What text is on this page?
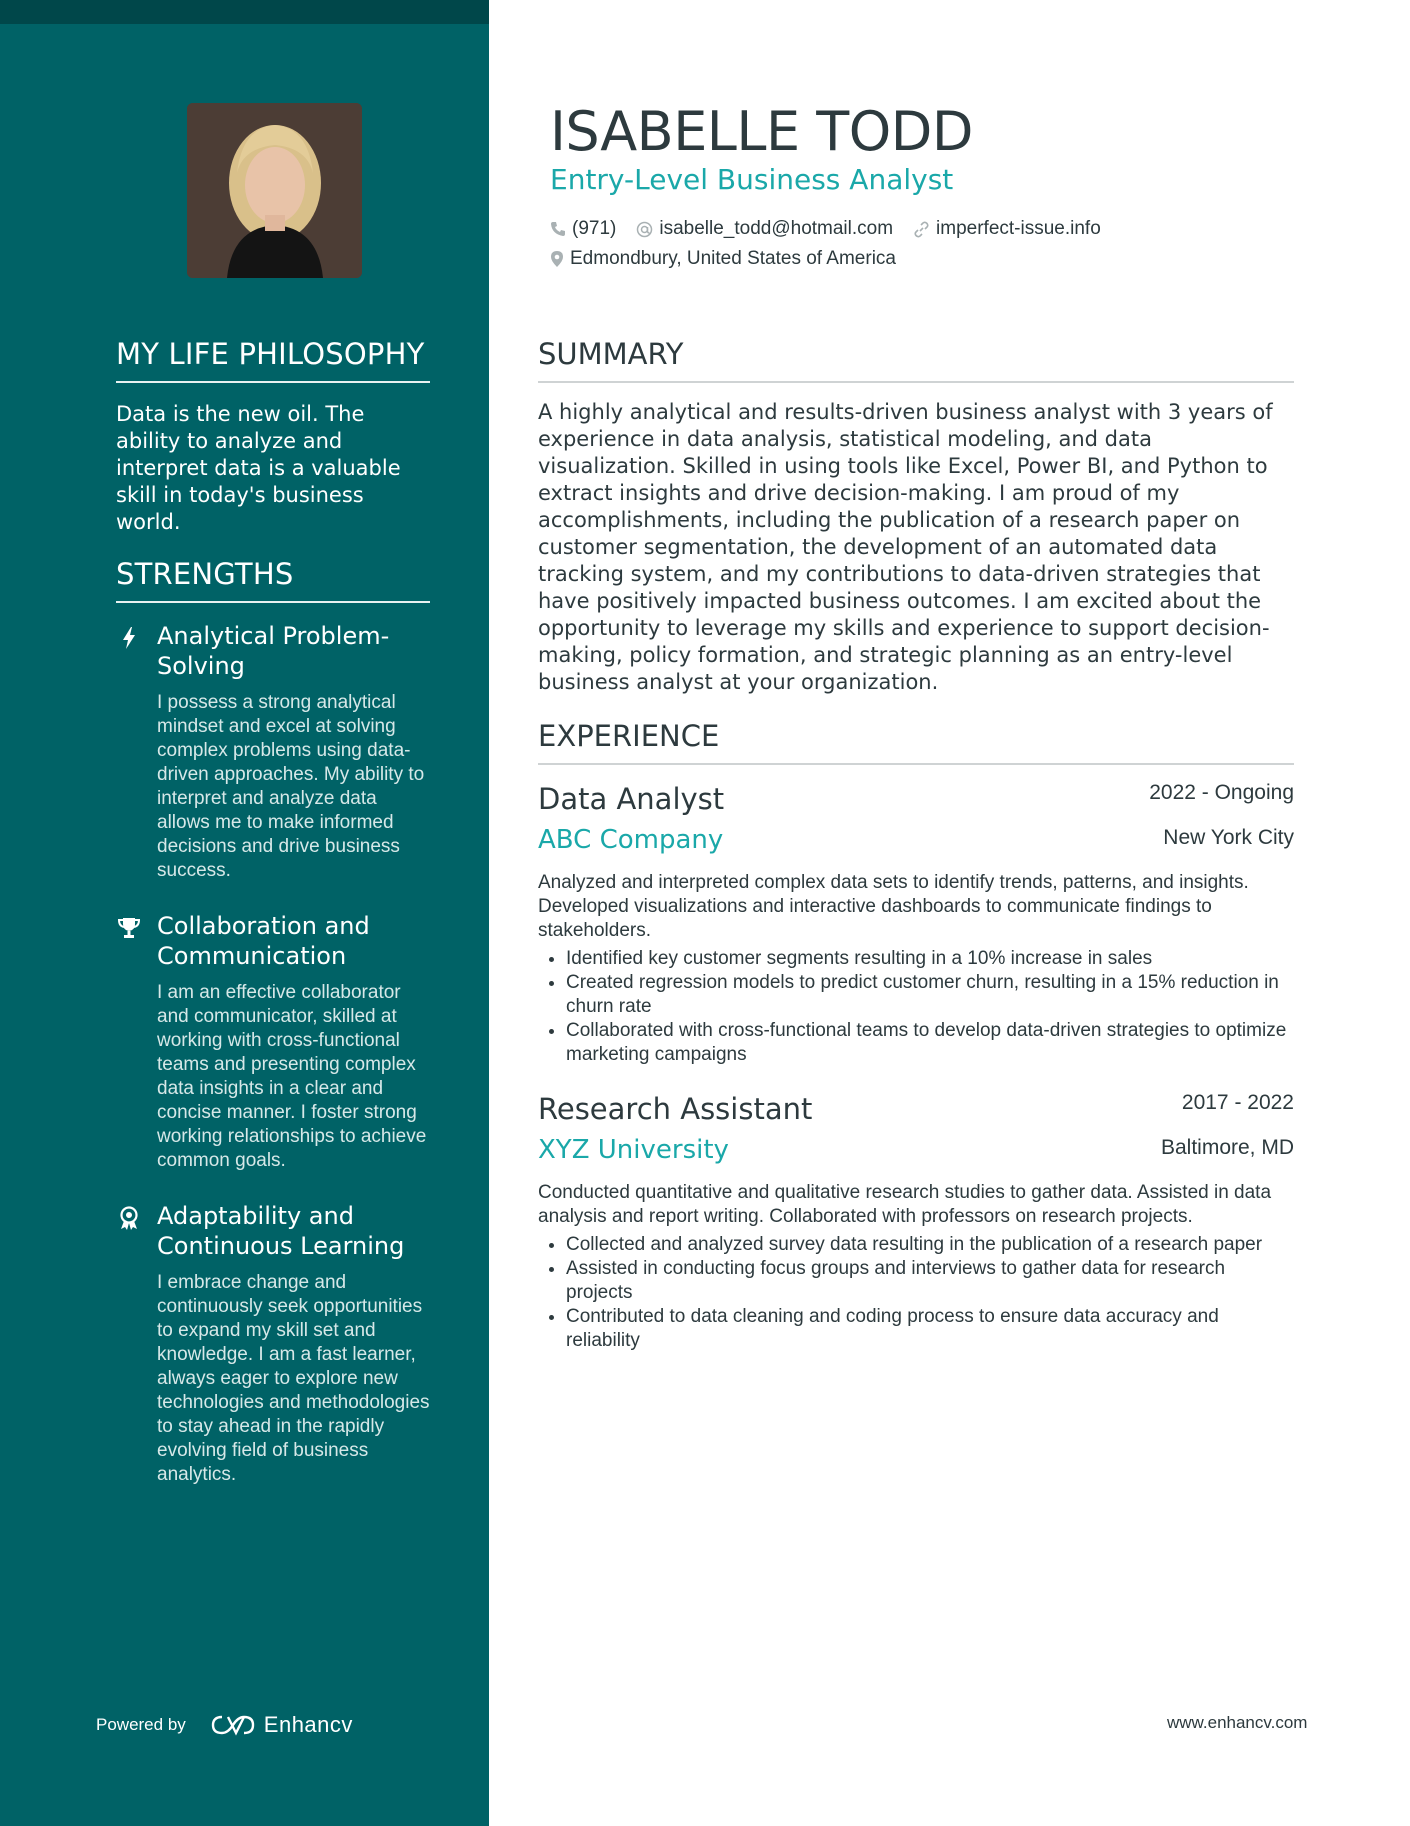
MY LIFE PHILOSOPHY
Data is the new oil. The ability to analyze and interpret data is a valuable skill in today's business world.
STRENGTHS
Analytical Problem-Solving
I possess a strong analytical mindset and excel at solving complex problems using data-driven approaches. My ability to interpret and analyze data allows me to make informed decisions and drive business success.
Collaboration and Communication
I am an effective collaborator and communicator, skilled at working with cross-functional teams and presenting complex data insights in a clear and concise manner. I foster strong working relationships to achieve common goals.
Adaptability and Continuous Learning
I embrace change and continuously seek opportunities to expand my skill set and knowledge. I am a fast learner, always eager to explore new technologies and methodologies to stay ahead in the rapidly evolving field of business analytics.
Powered by	Enhancv
ISABELLE TODD
Entry-Level Business Analyst
(971) isabelle_todd@hotmail.com imperfect-issue.info
Edmondbury, United States of America
SUMMARY
A highly analytical and results-driven business analyst with 3 years of experience in data analysis, statistical modeling, and data visualization. Skilled in using tools like Excel, Power BI, and Python to extract insights and drive decision-making. I am proud of my accomplishments, including the publication of a research paper on customer segmentation, the development of an automated data tracking system, and my contributions to data-driven strategies that have positively impacted business outcomes. I am excited about the opportunity to leverage my skills and experience to support decision-making, policy formation, and strategic planning as an entry-level business analyst at your organization.
EXPERIENCE
Data Analyst	2022 - Ongoing
ABC Company	New York City
Analyzed and interpreted complex data sets to identify trends, patterns, and insights. Developed visualizations and interactive dashboards to communicate findings to stakeholders.
• Identified key customer segments resulting in a 10% increase in sales
• Created regression models to predict customer churn, resulting in a 15% reduction in churn rate
• Collaborated with cross-functional teams to develop data-driven strategies to optimize marketing campaigns
Research Assistant	2017 - 2022
XYZ University	Baltimore, MD
Conducted quantitative and qualitative research studies to gather data. Assisted in data analysis and report writing. Collaborated with professors on research projects.
• Collected and analyzed survey data resulting in the publication of a research paper
• Assisted in conducting focus groups and interviews to gather data for research projects
• Contributed to data cleaning and coding process to ensure data accuracy and reliability
www.enhancv.com
